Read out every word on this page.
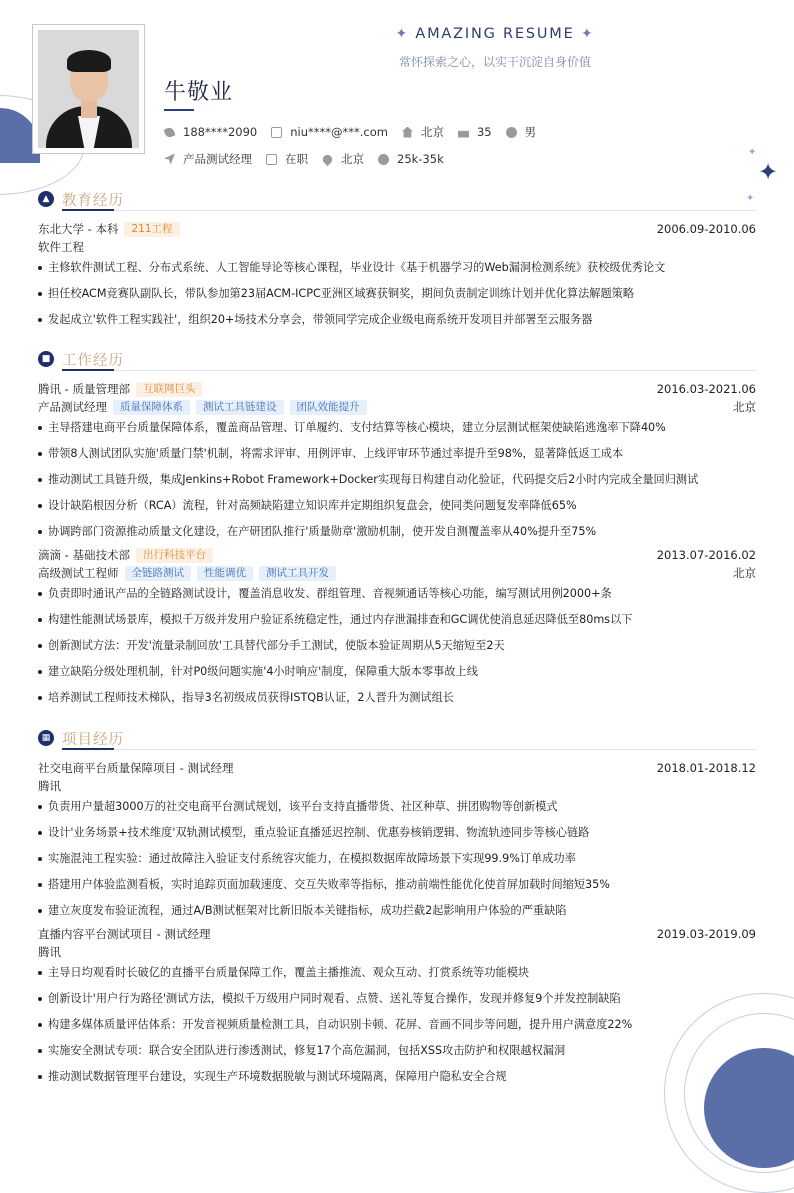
✦
✦
✦
✦ AMAZING RESUME ✦
常怀探索之心，以实干沉淀自身价值
牛敬业
188****2090	niu****@***.com	北京	35	男
产品测试经理	在职	北京	25k-35k
▲ 教育经历
东北大学 - 本科	211工程	2006.09-2010.06
软件工程
主修软件测试工程、分布式系统、人工智能导论等核心课程，毕业设计《基于机器学习的Web漏洞检测系统》获校级优秀论文
担任校ACM竞赛队副队长，带队参加第23届ACM-ICPC亚洲区域赛获铜奖，期间负责制定训练计划并优化算法解题策略
发起成立'软件工程实践社'，组织20+场技术分享会，带领同学完成企业级电商系统开发项目并部署至云服务器
■ 工作经历
腾讯 - 质量管理部	互联网巨头	2016.03-2021.06
产品测试经理	质量保障体系	测试工具链建设	团队效能提升	北京
主导搭建电商平台质量保障体系，覆盖商品管理、订单履约、支付结算等核心模块，建立分层测试框架使缺陷逃逸率下降40%
带领8人测试团队实施'质量门禁'机制，将需求评审、用例评审、上线评审环节通过率提升至98%，显著降低返工成本
推动测试工具链升级，集成Jenkins+Robot Framework+Docker实现每日构建自动化验证，代码提交后2小时内完成全量回归测试
设计缺陷根因分析（RCA）流程，针对高频缺陷建立知识库并定期组织复盘会，使同类问题复发率降低65%
协调跨部门资源推动质量文化建设，在产研团队推行'质量勋章'激励机制，使开发自测覆盖率从40%提升至75%
滴滴 - 基础技术部	出行科技平台	2013.07-2016.02
高级测试工程师	全链路测试	性能调优	测试工具开发	北京
负责即时通讯产品的全链路测试设计，覆盖消息收发、群组管理、音视频通话等核心功能，编写测试用例2000+条
构建性能测试场景库，模拟千万级并发用户验证系统稳定性，通过内存泄漏排查和GC调优使消息延迟降低至80ms以下
创新测试方法：开发'流量录制回放'工具替代部分手工测试，使版本验证周期从5天缩短至2天
建立缺陷分级处理机制，针对P0级问题实施'4小时响应'制度，保障重大版本零事故上线
培养测试工程师技术梯队，指导3名初级成员获得ISTQB认证，2人晋升为测试组长
▦ 项目经历
社交电商平台质量保障项目 - 测试经理	2018.01-2018.12
腾讯
负责用户量超3000万的社交电商平台测试规划，该平台支持直播带货、社区种草、拼团购物等创新模式
设计'业务场景+技术维度'双轨测试模型，重点验证直播延迟控制、优惠券核销逻辑、物流轨迹同步等核心链路
实施混沌工程实验：通过故障注入验证支付系统容灾能力，在模拟数据库故障场景下实现99.9%订单成功率
搭建用户体验监测看板，实时追踪页面加载速度、交互失败率等指标，推动前端性能优化使首屏加载时间缩短35%
建立灰度发布验证流程，通过A/B测试框架对比新旧版本关键指标，成功拦截2起影响用户体验的严重缺陷
直播内容平台测试项目 - 测试经理	2019.03-2019.09
腾讯
主导日均观看时长破亿的直播平台质量保障工作，覆盖主播推流、观众互动、打赏系统等功能模块
创新设计'用户行为路径'测试方法，模拟千万级用户同时观看、点赞、送礼等复合操作，发现并修复9个并发控制缺陷
构建多媒体质量评估体系：开发音视频质量检测工具，自动识别卡顿、花屏、音画不同步等问题，提升用户满意度22%
实施安全测试专项：联合安全团队进行渗透测试，修复17个高危漏洞，包括XSS攻击防护和权限越权漏洞
推动测试数据管理平台建设，实现生产环境数据脱敏与测试环境隔离，保障用户隐私安全合规
